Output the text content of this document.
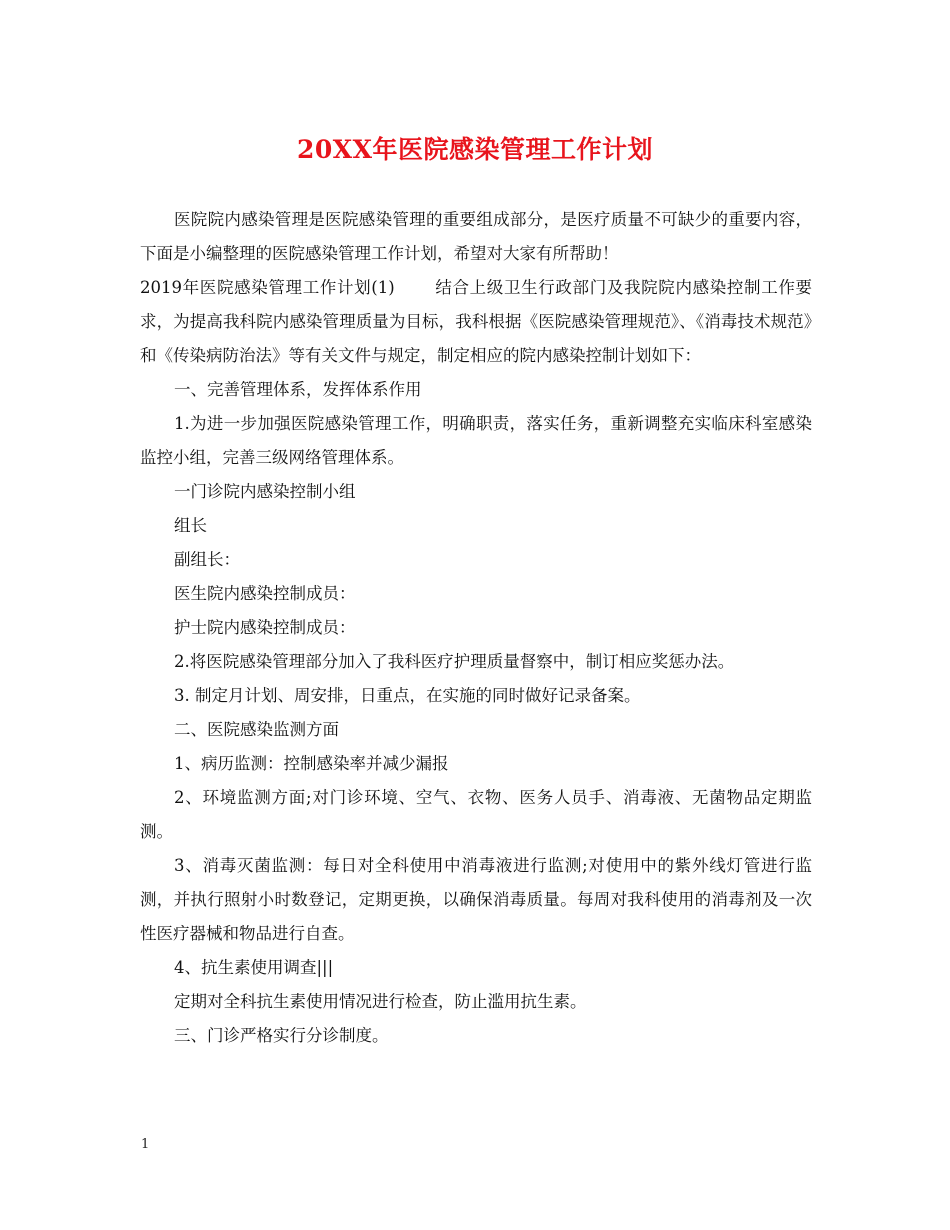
20XX年医院感染管理工作计划

医院院内感染管理是医院感染管理的重要组成部分，是医疗质量不可缺少的重要内容，下面是小编整理的医院感染管理工作计划，希望对大家有所帮助！

2019年医院感染管理工作计划(1) 结合上级卫生行政部门及我院院内感染控制工作要求，为提高我科院内感染管理质量为目标，我科根据《医院感染管理规范》、《消毒技术规范》和《传染病防治法》等有关文件与规定，制定相应的院内感染控制计划如下：

一、完善管理体系，发挥体系作用

1.为进一步加强医院感染管理工作，明确职责，落实任务，重新调整充实临床科室感染监控小组，完善三级网络管理体系。

一门诊院内感染控制小组

组长

副组长：

医生院内感染控制成员：

护士院内感染控制成员：

2.将医院感染管理部分加入了我科医疗护理质量督察中，制订相应奖惩办法。

3. 制定月计划、周安排，日重点，在实施的同时做好记录备案。

二、医院感染监测方面

1、病历监测：控制感染率并减少漏报

2、环境监测方面;对门诊环境、空气、衣物、医务人员手、消毒液、无菌物品定期监测。

3、消毒灭菌监测：每日对全科使用中消毒液进行监测;对使用中的紫外线灯管进行监测，并执行照射小时数登记，定期更换，以确保消毒质量。每周对我科使用的消毒剂及一次性医疗器械和物品进行自查。

4、抗生素使用调查|||

定期对全科抗生素使用情况进行检查，防止滥用抗生素。

三、门诊严格实行分诊制度。

1
